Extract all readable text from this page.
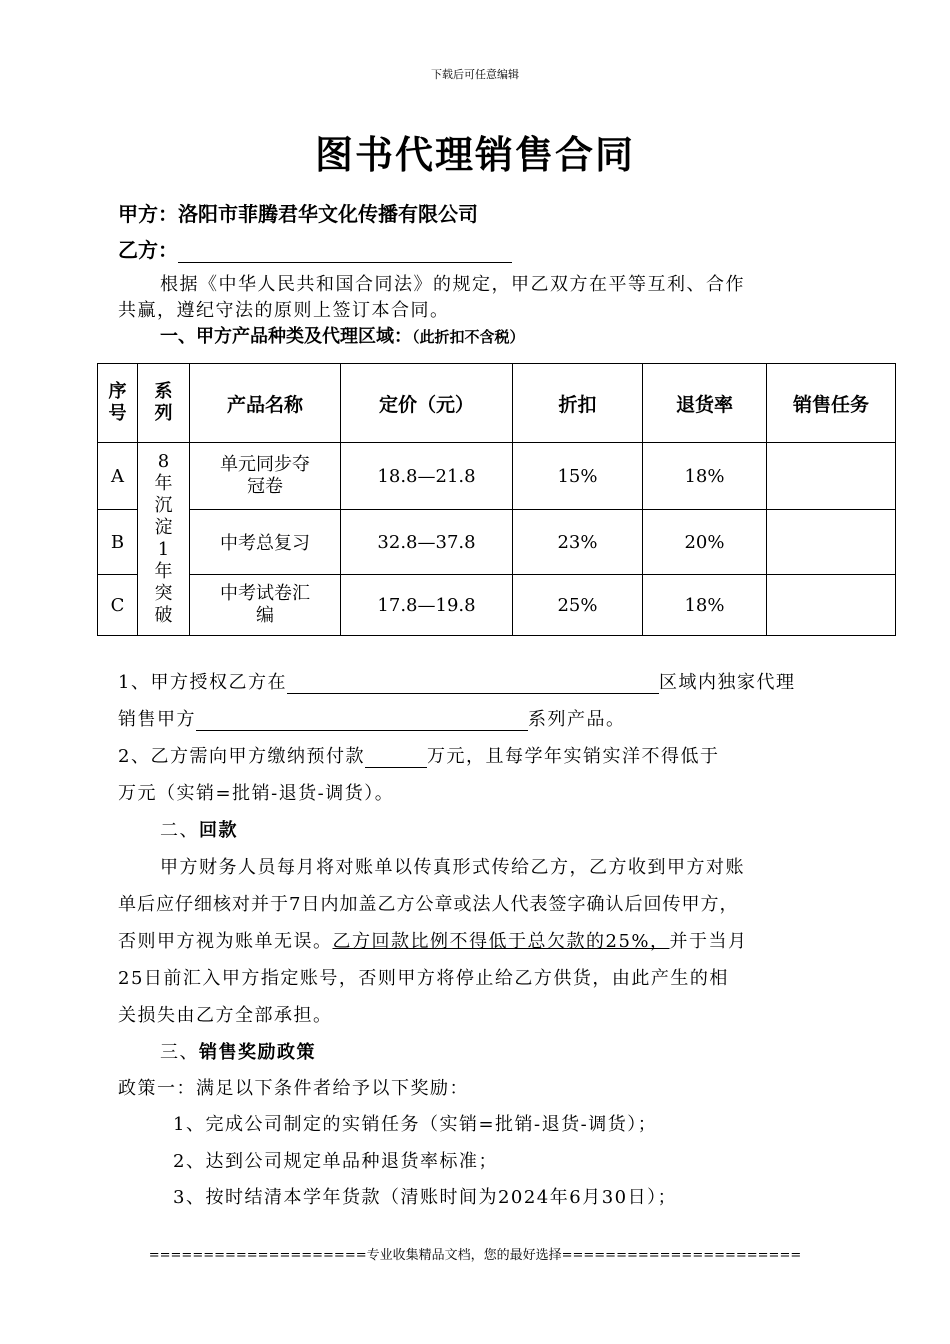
下载后可任意编辑
图书代理销售合同
甲方：洛阳市菲腾君华文化传播有限公司
乙方：
根据《中华人民共和国合同法》的规定，甲乙双方在平等互利、合作
共赢，遵纪守法的原则上签订本合同。
一、甲方产品种类及代理区域：（此折扣不含税）
序号	系列	产品名称	定价（元）	折扣	退货率	销售任务
A	8年沉淀1年突破	单元同步夺冠卷	18.8—21.8	15%	18%	
B		中考总复习	32.8—37.8	23%	20%	
C		中考试卷汇编	17.8—19.8	25%	18%	
1、甲方授权乙方在	区域内独家代理
销售甲方	系列产品。
2、乙方需向甲方缴纳预付款	万元，且每学年实销实洋不得低于
万元（实销=批销-退货-调货）。
二、回款
甲方财务人员每月将对账单以传真形式传给乙方，乙方收到甲方对账
单后应仔细核对并于7日内加盖乙方公章或法人代表签字确认后回传甲方，
否则甲方视为账单无误。乙方回款比例不得低于总欠款的25%，并于当月
25日前汇入甲方指定账号，否则甲方将停止给乙方供货，由此产生的相
关损失由乙方全部承担。
三、销售奖励政策
政策一：满足以下条件者给予以下奖励：
1、完成公司制定的实销任务（实销=批销-退货-调货）；
2、达到公司规定单品种退货率标准；
3、按时结清本学年货款（清账时间为2024年6月30日）；
====================专业收集精品文档，您的最好选择======================
